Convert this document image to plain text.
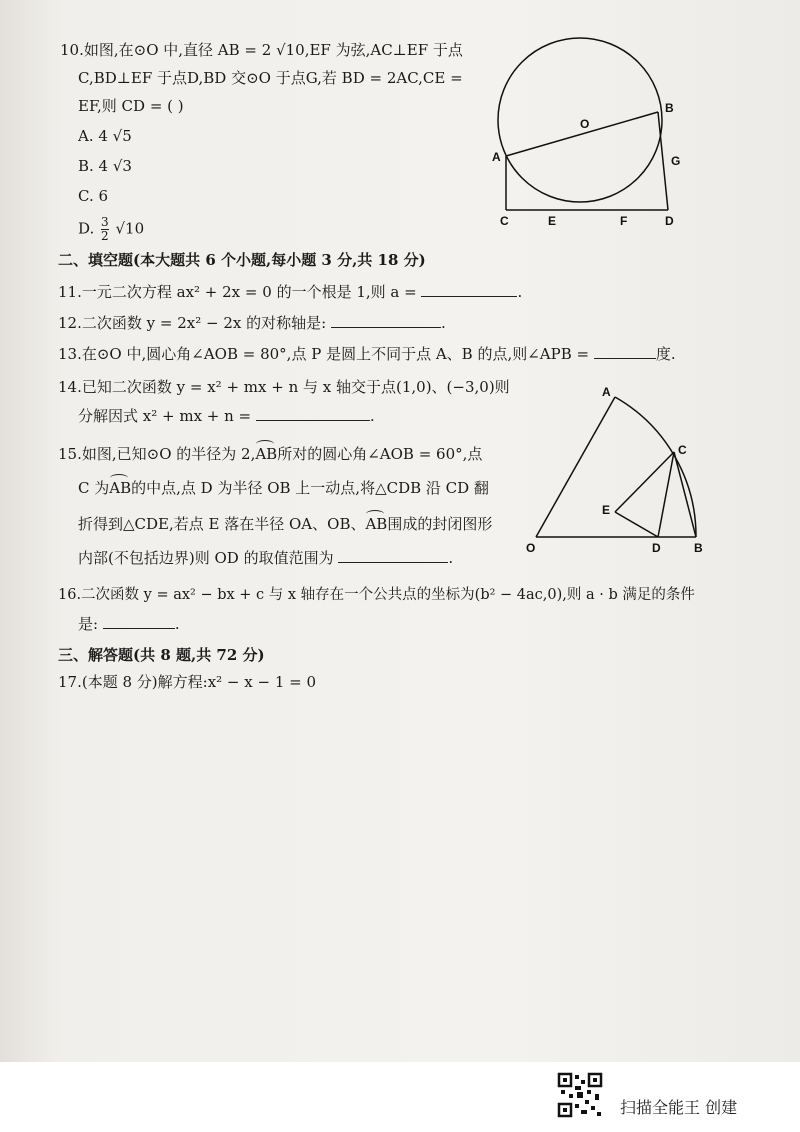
10.如图,在⊙O 中,直径 AB = 2 √10,EF 为弦,AC⊥EF 于点
C,BD⊥EF 于点D,BD 交⊙O 于点G,若 BD = 2AC,CE =
EF,则 CD = ( )
A. 4 √5
B. 4 √3
C. 6
D. $\frac{3}{2} √10$
O
A
B
G
C	E	F	D
二、填空题(本大题共 6 个小题,每小题 3 分,共 18 分)
11.一元二次方程 ax² + 2x = 0 的一个根是 1,则 a =	.
12.二次函数 y = 2x² − 2x 的对称轴是:	.
13.在⊙O 中,圆心角∠AOB = 80°,点 P 是圆上不同于点 A、B 的点,则∠APB =	度.
14.已知二次函数 y = x² + mx + n 与 x 轴交于点(1,0)、(−3,0)则
分解因式 x² + mx + n =	.
15.如图,已知⊙O 的半径为 2,
AB所对的圆心角∠AOB = 60°,点
C 为
AB的中点,点 D 为半径 OB 上一动点,将△CDB 沿 CD 翻
折得到△CDE,若点 E 落在半径 OA、OB、
AB围成的封闭图形
内部(不包括边界)则 OD 的取值范围为	.
A
C
E
O	D	B
16.二次函数 y = ax² − bx + c 与 x 轴存在一个公共点的坐标为(b² − 4ac,0),则 a · b 满足的条件
是:	.
三、解答题(共 8 题,共 72 分)
17.(本题 8 分)解方程:x² − x − 1 = 0
扫描全能王 创建
